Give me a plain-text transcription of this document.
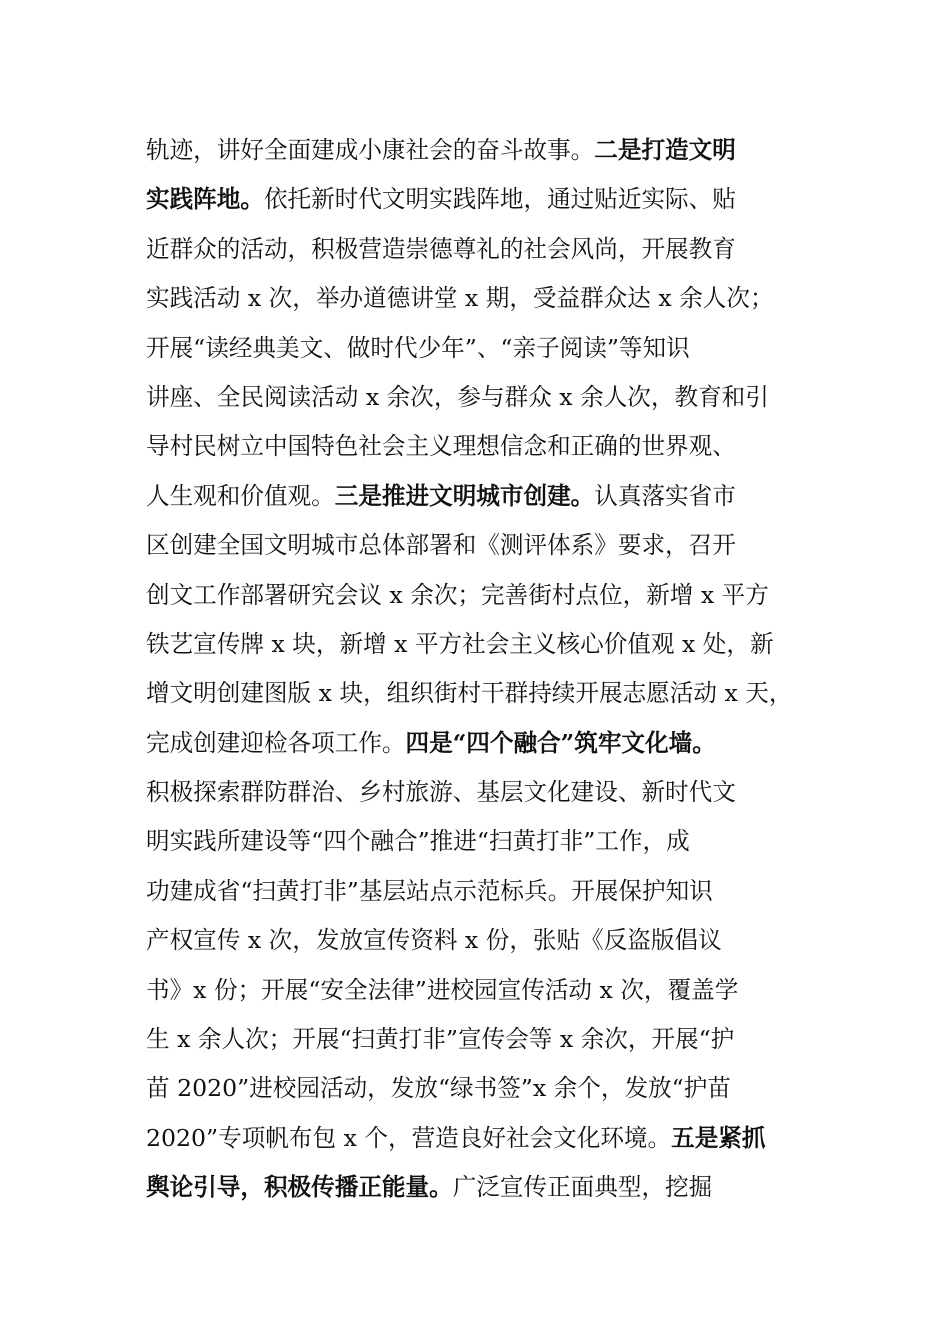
轨迹，讲好全面建成小康社会的奋斗故事。二是打造文明
实践阵地。依托新时代文明实践阵地，通过贴近实际、贴
近群众的活动，积极营造崇德尊礼的社会风尚，开展教育
实践活动 x 次，举办道德讲堂 x 期，受益群众达 x 余人次；
开展“读经典美文、做时代少年”、“亲子阅读”等知识
讲座、全民阅读活动 x 余次，参与群众 x 余人次，教育和引
导村民树立中国特色社会主义理想信念和正确的世界观、
人生观和价值观。三是推进文明城市创建。认真落实省市
区创建全国文明城市总体部署和《测评体系》要求，召开
创文工作部署研究会议 x 余次；完善街村点位，新增 x 平方
铁艺宣传牌 x 块，新增 x 平方社会主义核心价值观 x 处，新
增文明创建图版 x 块，组织街村干群持续开展志愿活动 x 天，
完成创建迎检各项工作。四是“四个融合”筑牢文化墙。
积极探索群防群治、乡村旅游、基层文化建设、新时代文
明实践所建设等“四个融合”推进“扫黄打非”工作，成
功建成省“扫黄打非”基层站点示范标兵。开展保护知识
产权宣传 x 次，发放宣传资料 x 份，张贴《反盗版倡议
书》x 份；开展“安全法律”进校园宣传活动 x 次，覆盖学
生 x 余人次；开展“扫黄打非”宣传会等 x 余次，开展“护
苗 2020”进校园活动，发放“绿书签”x 余个，发放“护苗
2020”专项帆布包 x 个，营造良好社会文化环境。五是紧抓
舆论引导，积极传播正能量。广泛宣传正面典型，挖掘
